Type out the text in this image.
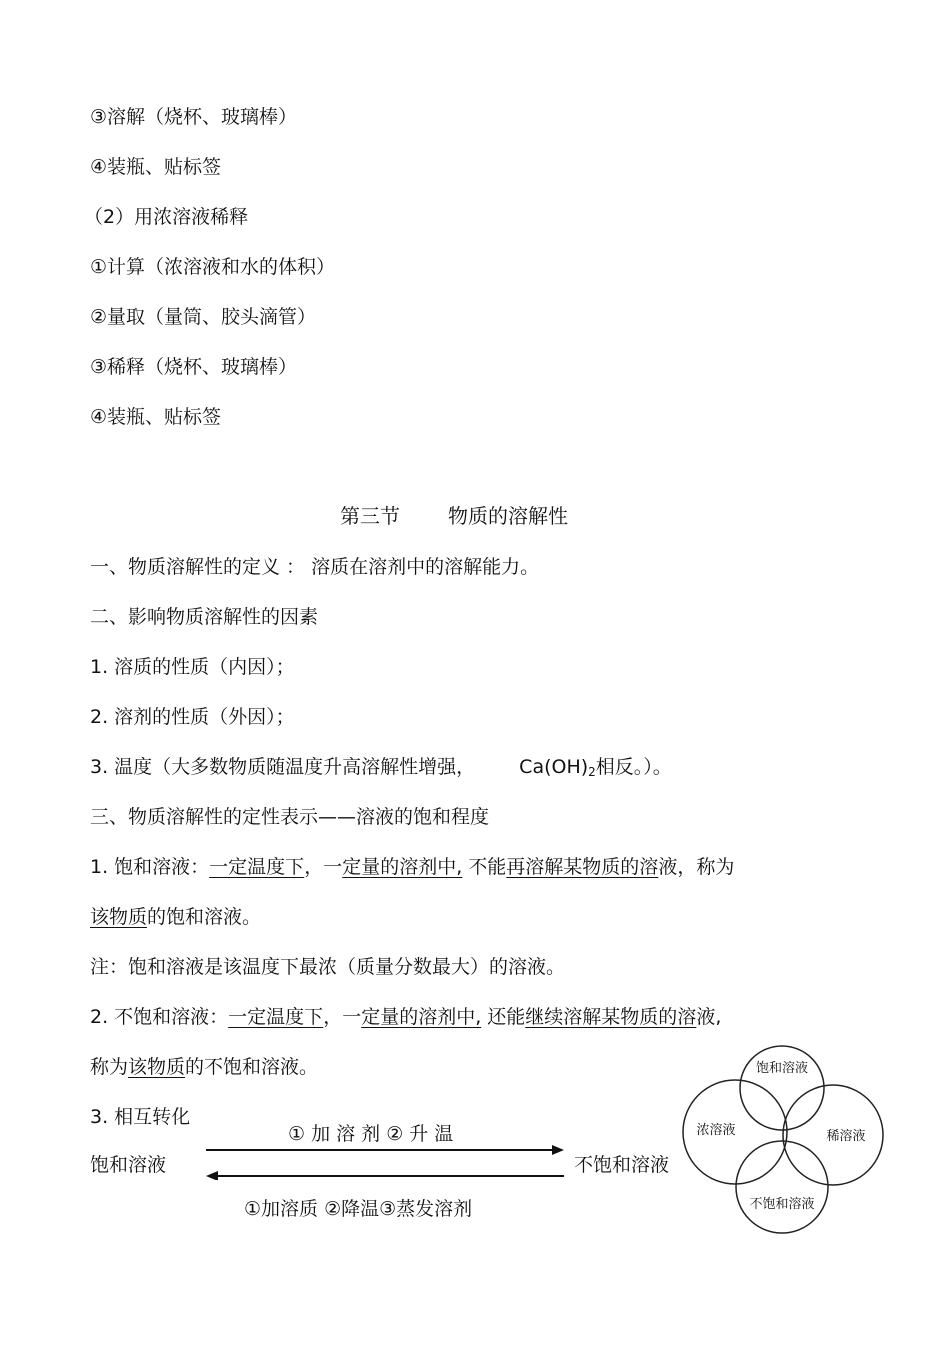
③溶解（烧杯、玻璃棒）
④装瓶、贴标签
（2）用浓溶液稀释
①计算（浓溶液和水的体积）
②量取（量筒、胶头滴管）
③稀释（烧杯、玻璃棒）
④装瓶、贴标签
第三节 物质的溶解性
一、物质溶解性的定义 ： 溶质在溶剂中的溶解能力。
二、影响物质溶解性的因素
1. 溶质的性质（内因）；
2. 溶剂的性质（外因）；
3. 温度（大多数物质随温度升高溶解性增强， $Ca(OH)_2$相反。）。
三、物质溶解性的定性表示——溶液的饱和程度
1. 饱和溶液：一定温度下，一定量的溶剂中, 不能再溶解某物质的溶液，称为
该物质的饱和溶液。
注：饱和溶液是该温度下最浓（质量分数最大）的溶液。
2. 不饱和溶液：一定温度下，一定量的溶剂中, 还能继续溶解某物质的溶液,
称为该物质的不饱和溶液。
3. 相互转化
饱和溶液	不饱和溶液
① 加 溶 剂 ② 升 温
①加溶质 ②降温③蒸发溶剂
饱和溶液
浓溶液	稀溶液
不饱和溶液
